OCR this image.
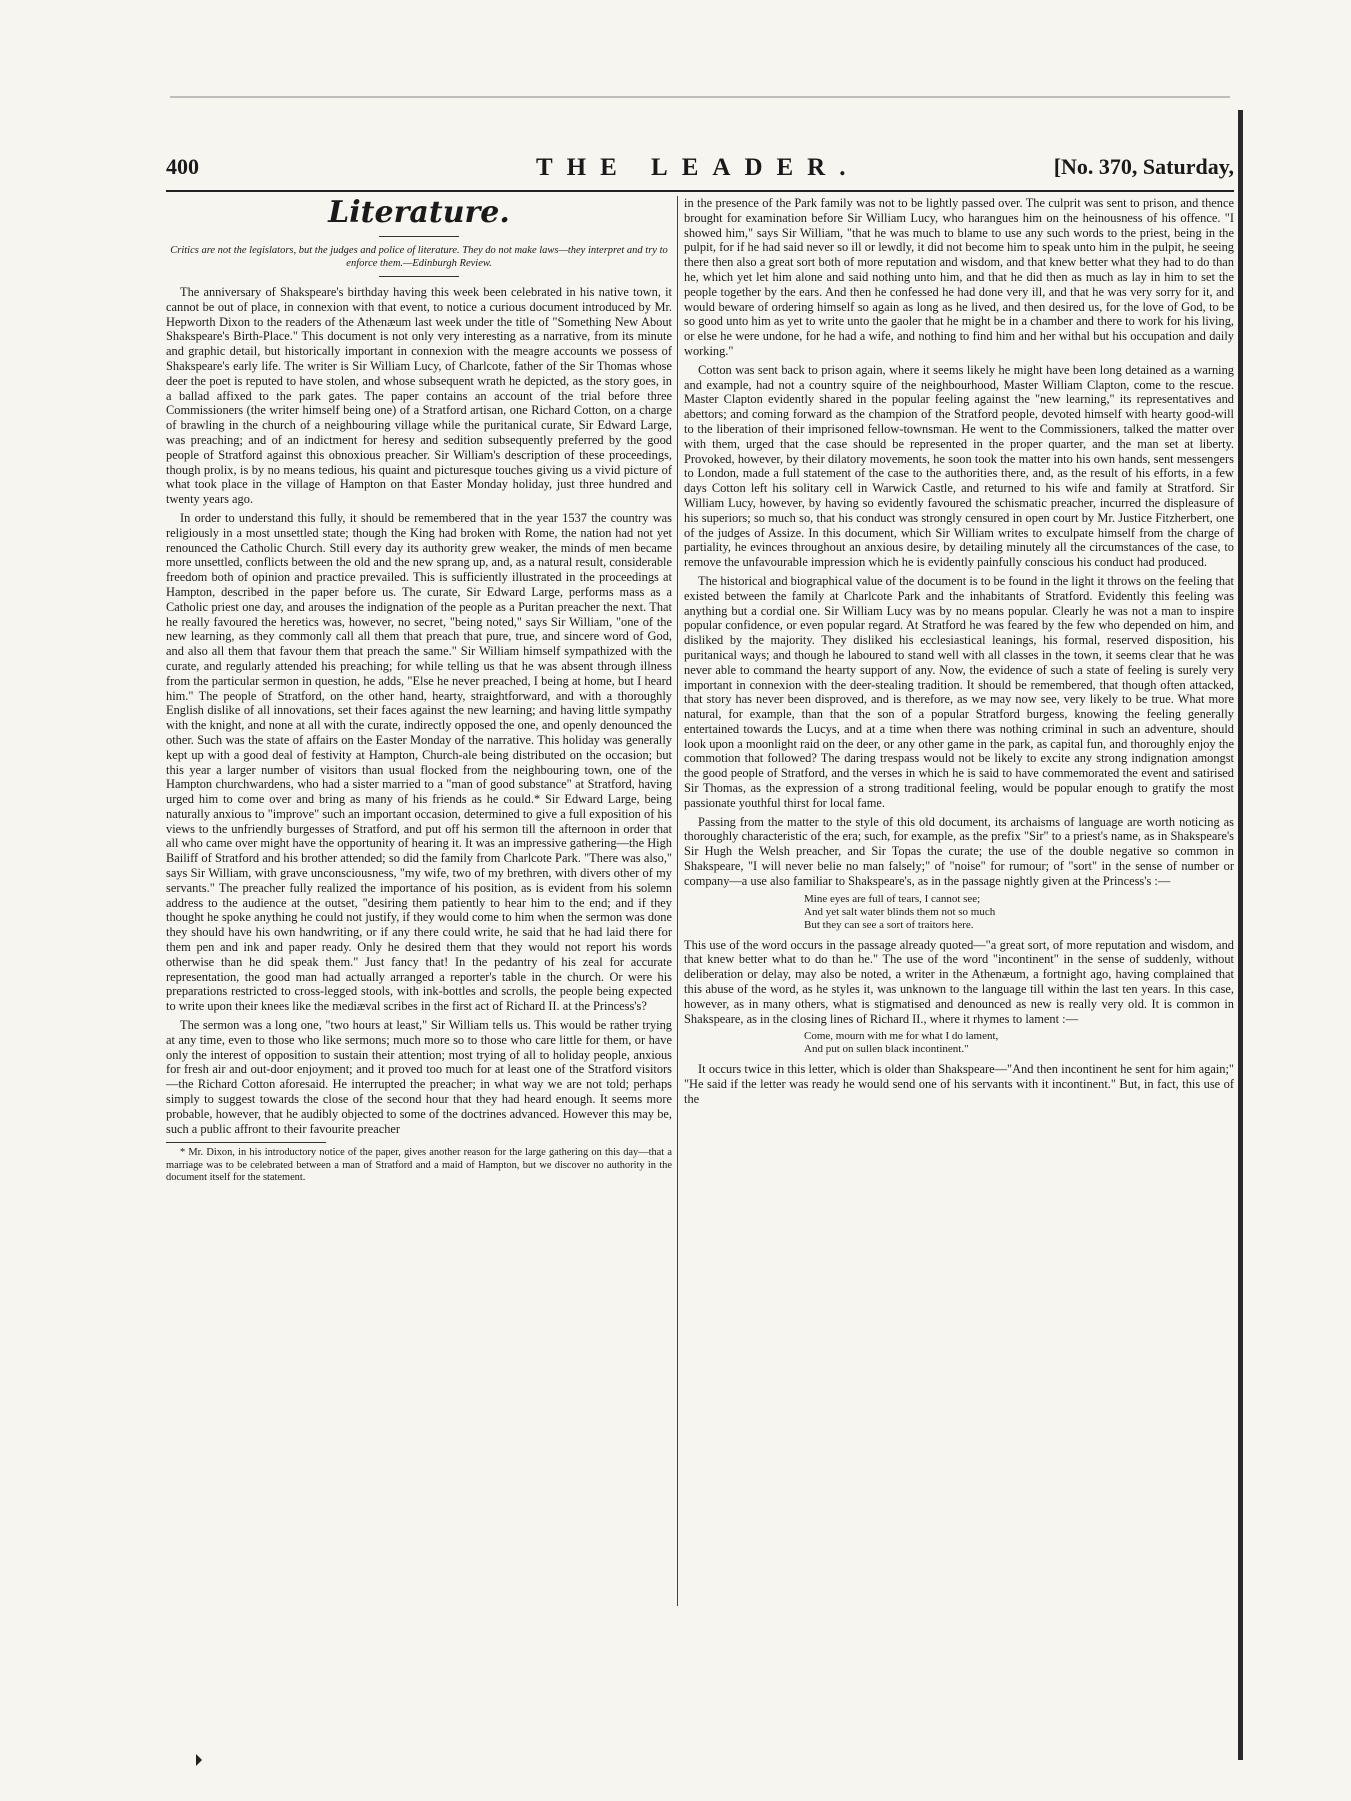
400	THE LEADER.	[No. 370, Saturday,
Literature.
Critics are not the legislators, but the judges and police of literature. They do not make laws—they interpret and try to enforce them.—Edinburgh Review.

The anniversary of Shakspeare's birthday having this week been celebrated in his native town, it cannot be out of place, in connexion with that event, to notice a curious document introduced by Mr. Hepworth Dixon to the readers of the Athenæum last week under the title of "Something New About Shakspeare's Birth-Place." This document is not only very interesting as a narrative, from its minute and graphic detail, but historically important in connexion with the meagre accounts we possess of Shakspeare's early life. The writer is Sir William Lucy, of Charlcote, father of the Sir Thomas whose deer the poet is reputed to have stolen, and whose subsequent wrath he depicted, as the story goes, in a ballad affixed to the park gates. The paper contains an account of the trial before three Commissioners (the writer himself being one) of a Stratford artisan, one Richard Cotton, on a charge of brawling in the church of a neighbouring village while the puritanical curate, Sir Edward Large, was preaching; and of an indictment for heresy and sedition subsequently preferred by the good people of Stratford against this obnoxious preacher. Sir William's description of these proceedings, though prolix, is by no means tedious, his quaint and picturesque touches giving us a vivid picture of what took place in the village of Hampton on that Easter Monday holiday, just three hundred and twenty years ago.

In order to understand this fully, it should be remembered that in the year 1537 the country was religiously in a most unsettled state; though the King had broken with Rome, the nation had not yet renounced the Catholic Church. Still every day its authority grew weaker, the minds of men became more unsettled, conflicts between the old and the new sprang up, and, as a natural result, considerable freedom both of opinion and practice prevailed. This is sufficiently illustrated in the proceedings at Hampton, described in the paper before us. The curate, Sir Edward Large, performs mass as a Catholic priest one day, and arouses the indignation of the people as a Puritan preacher the next. That he really favoured the heretics was, however, no secret, "being noted," says Sir William, "one of the new learning, as they commonly call all them that preach that pure, true, and sincere word of God, and also all them that favour them that preach the same." Sir William himself sympathized with the curate, and regularly attended his preaching; for while telling us that he was absent through illness from the particular sermon in question, he adds, "Else he never preached, I being at home, but I heard him." The people of Stratford, on the other hand, hearty, straightforward, and with a thoroughly English dislike of all innovations, set their faces against the new learning; and having little sympathy with the knight, and none at all with the curate, indirectly opposed the one, and openly denounced the other. Such was the state of affairs on the Easter Monday of the narrative. This holiday was generally kept up with a good deal of festivity at Hampton, Church-ale being distributed on the occasion; but this year a larger number of visitors than usual flocked from the neighbouring town, one of the Hampton churchwardens, who had a sister married to a "man of good substance" at Stratford, having urged him to come over and bring as many of his friends as he could.* Sir Edward Large, being naturally anxious to "improve" such an important occasion, determined to give a full exposition of his views to the unfriendly burgesses of Stratford, and put off his sermon till the afternoon in order that all who came over might have the opportunity of hearing it. It was an impressive gathering—the High Bailiff of Stratford and his brother attended; so did the family from Charlcote Park. "There was also," says Sir William, with grave unconsciousness, "my wife, two of my brethren, with divers other of my servants." The preacher fully realized the importance of his position, as is evident from his solemn address to the audience at the outset, "desiring them patiently to hear him to the end; and if they thought he spoke anything he could not justify, if they would come to him when the sermon was done they should have his own handwriting, or if any there could write, he said that he had laid there for them pen and ink and paper ready. Only he desired them that they would not report his words otherwise than he did speak them." Just fancy that! In the pedantry of his zeal for accurate representation, the good man had actually arranged a reporter's table in the church. Or were his preparations restricted to cross-legged stools, with ink-bottles and scrolls, the people being expected to write upon their knees like the mediæval scribes in the first act of Richard II. at the Princess's?

The sermon was a long one, "two hours at least," Sir William tells us. This would be rather trying at any time, even to those who like sermons; much more so to those who care little for them, or have only the interest of opposition to sustain their attention; most trying of all to holiday people, anxious for fresh air and out-door enjoyment; and it proved too much for at least one of the Stratford visitors—the Richard Cotton aforesaid. He interrupted the preacher; in what way we are not told; perhaps simply to suggest towards the close of the second hour that they had heard enough. It seems more probable, however, that he audibly objected to some of the doctrines advanced. However this may be, such a public affront to their favourite preacher

* Mr. Dixon, in his introductory notice of the paper, gives another reason for the large gathering on this day—that a marriage was to be celebrated between a man of Stratford and a maid of Hampton, but we discover no authority in the document itself for the statement.

in the presence of the Park family was not to be lightly passed over. The culprit was sent to prison, and thence brought for examination before Sir William Lucy, who harangues him on the heinousness of his offence. "I showed him," says Sir William, "that he was much to blame to use any such words to the priest, being in the pulpit, for if he had said never so ill or lewdly, it did not become him to speak unto him in the pulpit, he seeing there then also a great sort both of more reputation and wisdom, and that knew better what they had to do than he, which yet let him alone and said nothing unto him, and that he did then as much as lay in him to set the people together by the ears. And then he confessed he had done very ill, and that he was very sorry for it, and would beware of ordering himself so again as long as he lived, and then desired us, for the love of God, to be so good unto him as yet to write unto the gaoler that he might be in a chamber and there to work for his living, or else he were undone, for he had a wife, and nothing to find him and her withal but his occupation and daily working."

Cotton was sent back to prison again, where it seems likely he might have been long detained as a warning and example, had not a country squire of the neighbourhood, Master William Clapton, come to the rescue. Master Clapton evidently shared in the popular feeling against the "new learning," its representatives and abettors; and coming forward as the champion of the Stratford people, devoted himself with hearty good-will to the liberation of their imprisoned fellow-townsman. He went to the Commissioners, talked the matter over with them, urged that the case should be represented in the proper quarter, and the man set at liberty. Provoked, however, by their dilatory movements, he soon took the matter into his own hands, sent messengers to London, made a full statement of the case to the authorities there, and, as the result of his efforts, in a few days Cotton left his solitary cell in Warwick Castle, and returned to his wife and family at Stratford. Sir William Lucy, however, by having so evidently favoured the schismatic preacher, incurred the displeasure of his superiors; so much so, that his conduct was strongly censured in open court by Mr. Justice Fitzherbert, one of the judges of Assize. In this document, which Sir William writes to exculpate himself from the charge of partiality, he evinces throughout an anxious desire, by detailing minutely all the circumstances of the case, to remove the unfavourable impression which he is evidently painfully conscious his conduct had produced.

The historical and biographical value of the document is to be found in the light it throws on the feeling that existed between the family at Charlcote Park and the inhabitants of Stratford. Evidently this feeling was anything but a cordial one. Sir William Lucy was by no means popular. Clearly he was not a man to inspire popular confidence, or even popular regard. At Stratford he was feared by the few who depended on him, and disliked by the majority. They disliked his ecclesiastical leanings, his formal, reserved disposition, his puritanical ways; and though he laboured to stand well with all classes in the town, it seems clear that he was never able to command the hearty support of any. Now, the evidence of such a state of feeling is surely very important in connexion with the deer-stealing tradition. It should be remembered, that though often attacked, that story has never been disproved, and is therefore, as we may now see, very likely to be true. What more natural, for example, than that the son of a popular Stratford burgess, knowing the feeling generally entertained towards the Lucys, and at a time when there was nothing criminal in such an adventure, should look upon a moonlight raid on the deer, or any other game in the park, as capital fun, and thoroughly enjoy the commotion that followed? The daring trespass would not be likely to excite any strong indignation amongst the good people of Stratford, and the verses in which he is said to have commemorated the event and satirised Sir Thomas, as the expression of a strong traditional feeling, would be popular enough to gratify the most passionate youthful thirst for local fame.

Passing from the matter to the style of this old document, its archaisms of language are worth noticing as thoroughly characteristic of the era; such, for example, as the prefix "Sir" to a priest's name, as in Shakspeare's Sir Hugh the Welsh preacher, and Sir Topas the curate; the use of the double negative so common in Shakspeare, "I will never belie no man falsely;" of "noise" for rumour; of "sort" in the sense of number or company—a use also familiar to Shakspeare's, as in the passage nightly given at the Princess's :—

Mine eyes are full of tears, I cannot see;
And yet salt water blinds them not so much
But they can see a sort of traitors here.

This use of the word occurs in the passage already quoted—"a great sort, of more reputation and wisdom, and that knew better what to do than he." The use of the word "incontinent" in the sense of suddenly, without deliberation or delay, may also be noted, a writer in the Athenæum, a fortnight ago, having complained that this abuse of the word, as he styles it, was unknown to the language till within the last ten years. In this case, however, as in many others, what is stigmatised and denounced as new is really very old. It is common in Shakspeare, as in the closing lines of Richard II., where it rhymes to lament :—

Come, mourn with me for what I do lament,
And put on sullen black incontinent."

It occurs twice in this letter, which is older than Shakspeare—"And then incontinent he sent for him again;" "He said if the letter was ready he would send one of his servants with it incontinent." But, in fact, this use of the
